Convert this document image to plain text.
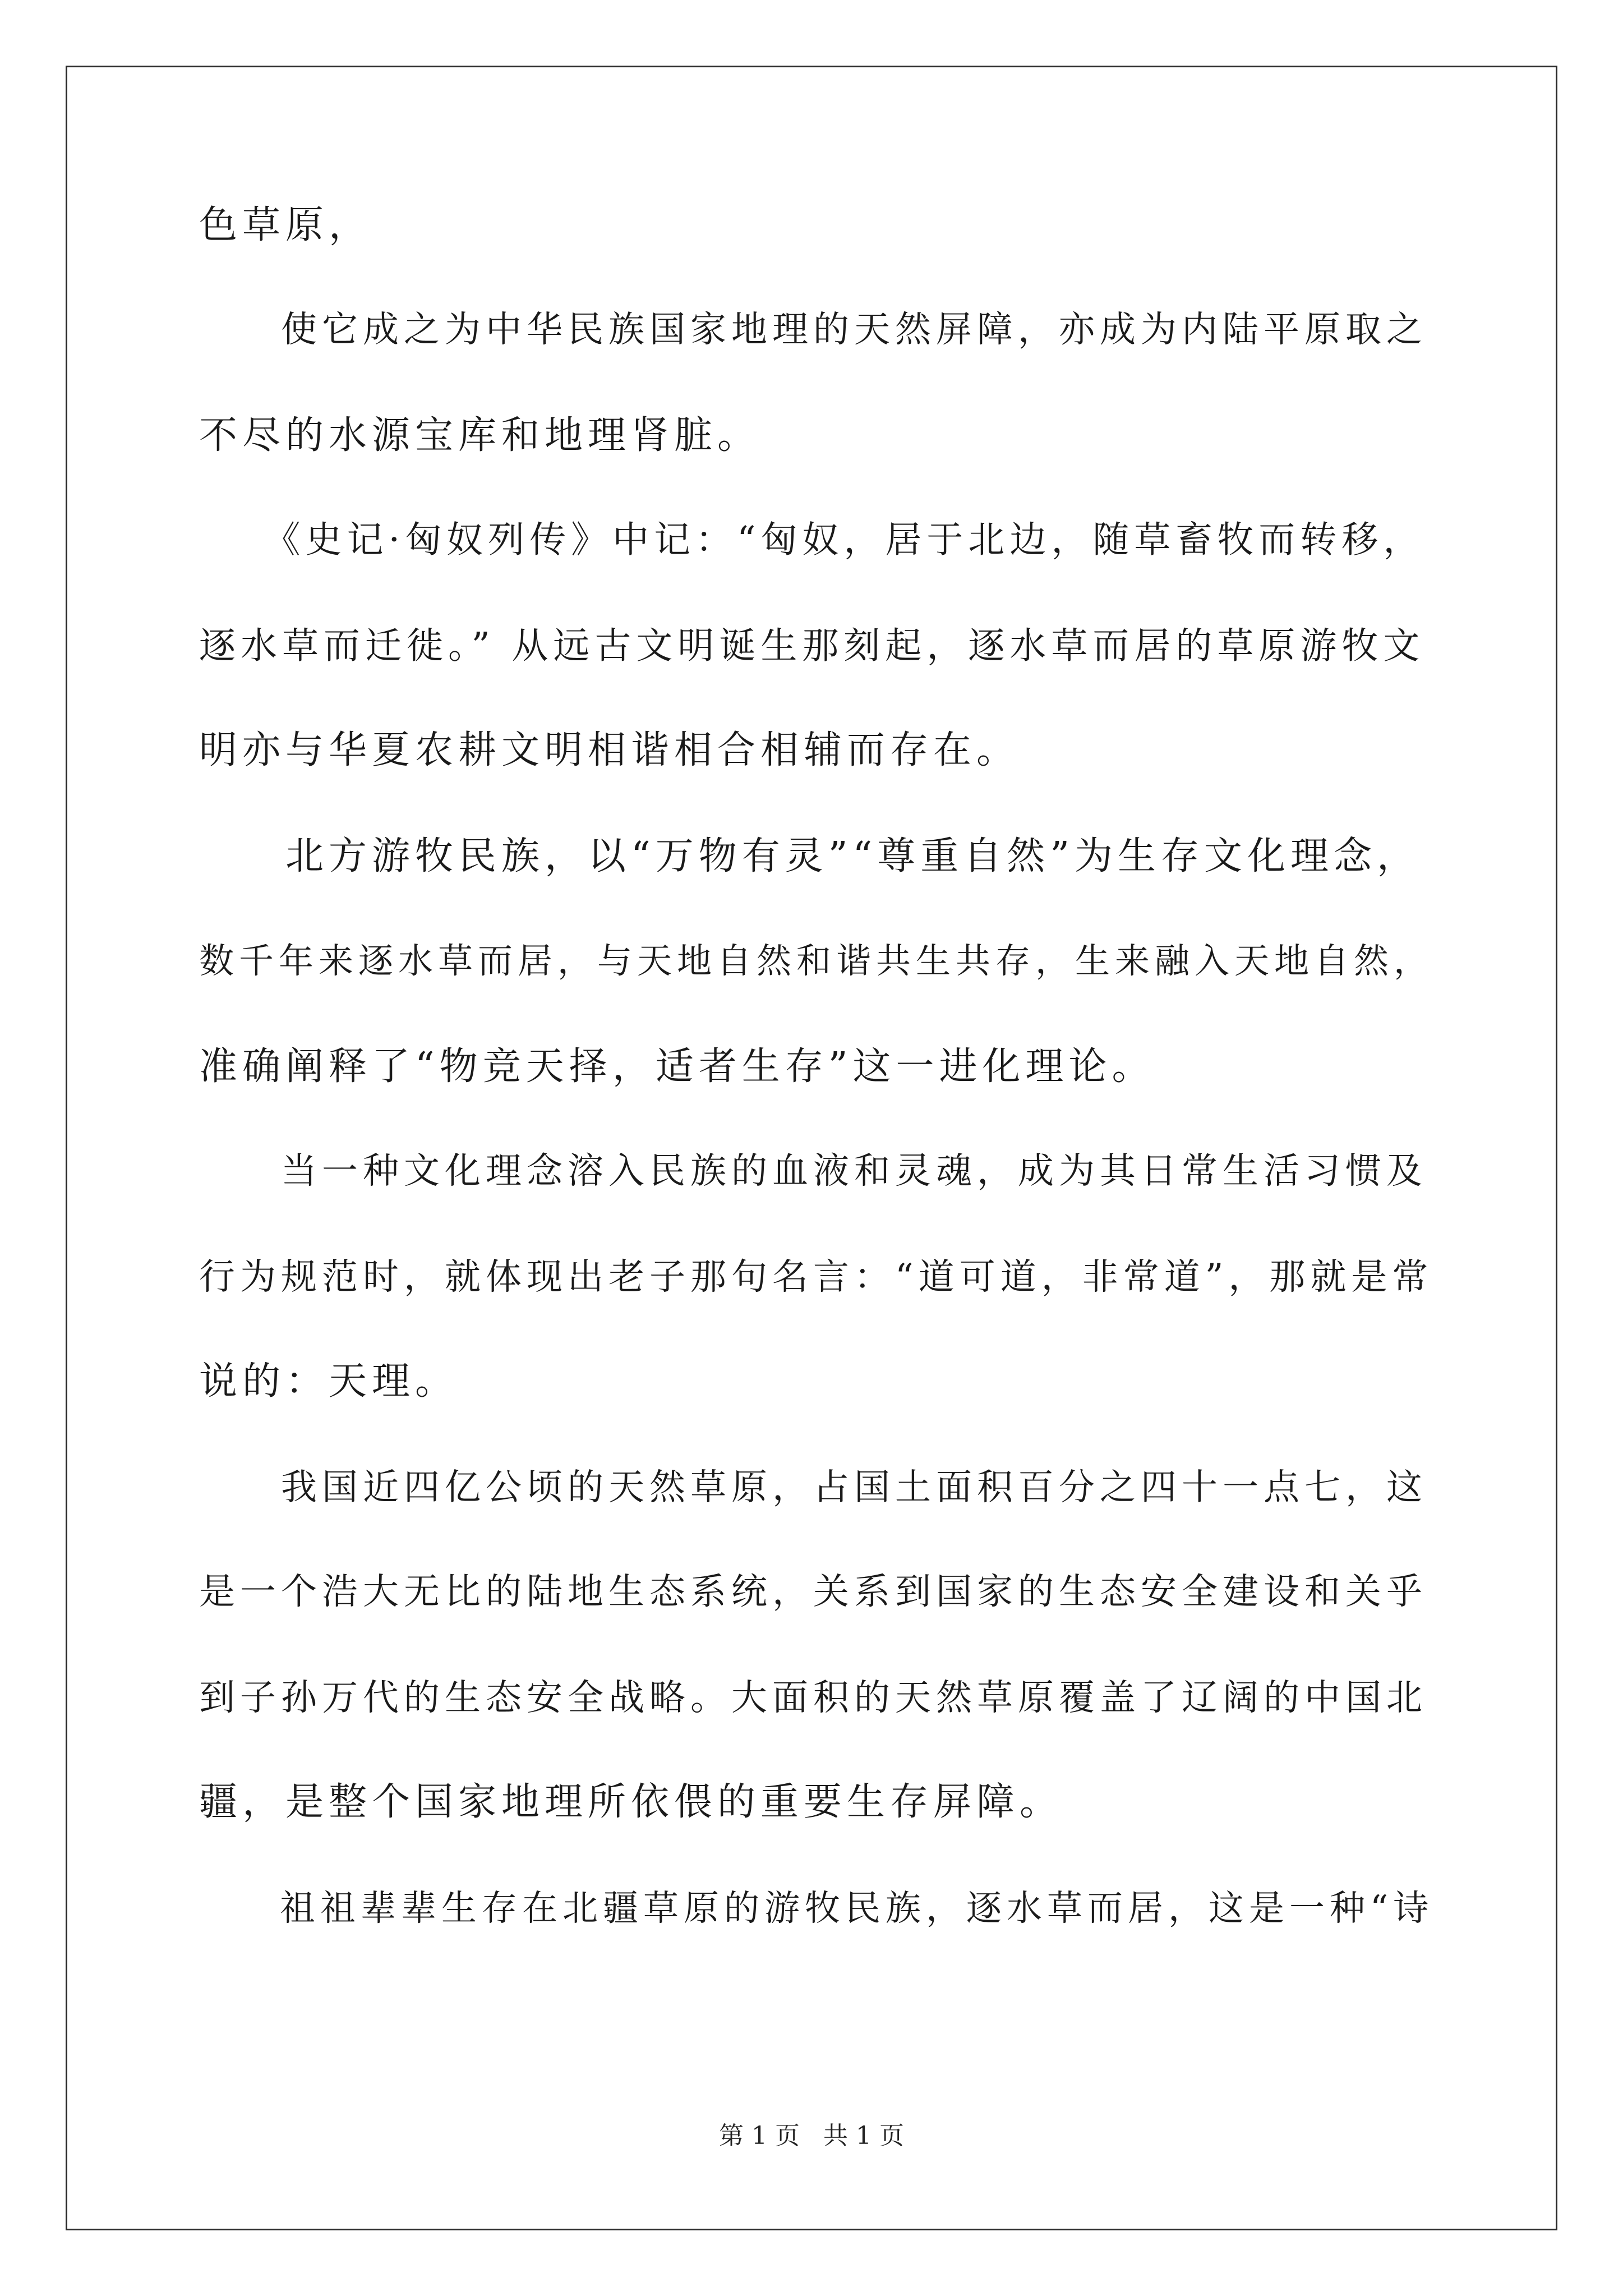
色草原，
　　使它成之为中华民族国家地理的天然屏障，亦成为内陆平原取之
不尽的水源宝库和地理肾脏。
　　《史记·匈奴列传》中记：“匈奴，居于北边，随草畜牧而转移，
逐水草而迁徙。” 从远古文明诞生那刻起，逐水草而居的草原游牧文
明亦与华夏农耕文明相谐相合相辅而存在。
　　北方游牧民族，以“万物有灵”“尊重自然”为生存文化理念，
数千年来逐水草而居，与天地自然和谐共生共存，生来融入天地自然，
准确阐释了“物竞天择，适者生存”这一进化理论。
　　当一种文化理念溶入民族的血液和灵魂，成为其日常生活习惯及
行为规范时，就体现出老子那句名言：“道可道，非常道”，那就是常
说的：天理。
　　我国近四亿公顷的天然草原，占国土面积百分之四十一点七，这
是一个浩大无比的陆地生态系统，关系到国家的生态安全建设和关乎
到子孙万代的生态安全战略。大面积的天然草原覆盖了辽阔的中国北
疆，是整个国家地理所依偎的重要生存屏障。
　　祖祖辈辈生存在北疆草原的游牧民族，逐水草而居，这是一种“诗
第 1 页   共 1 页
